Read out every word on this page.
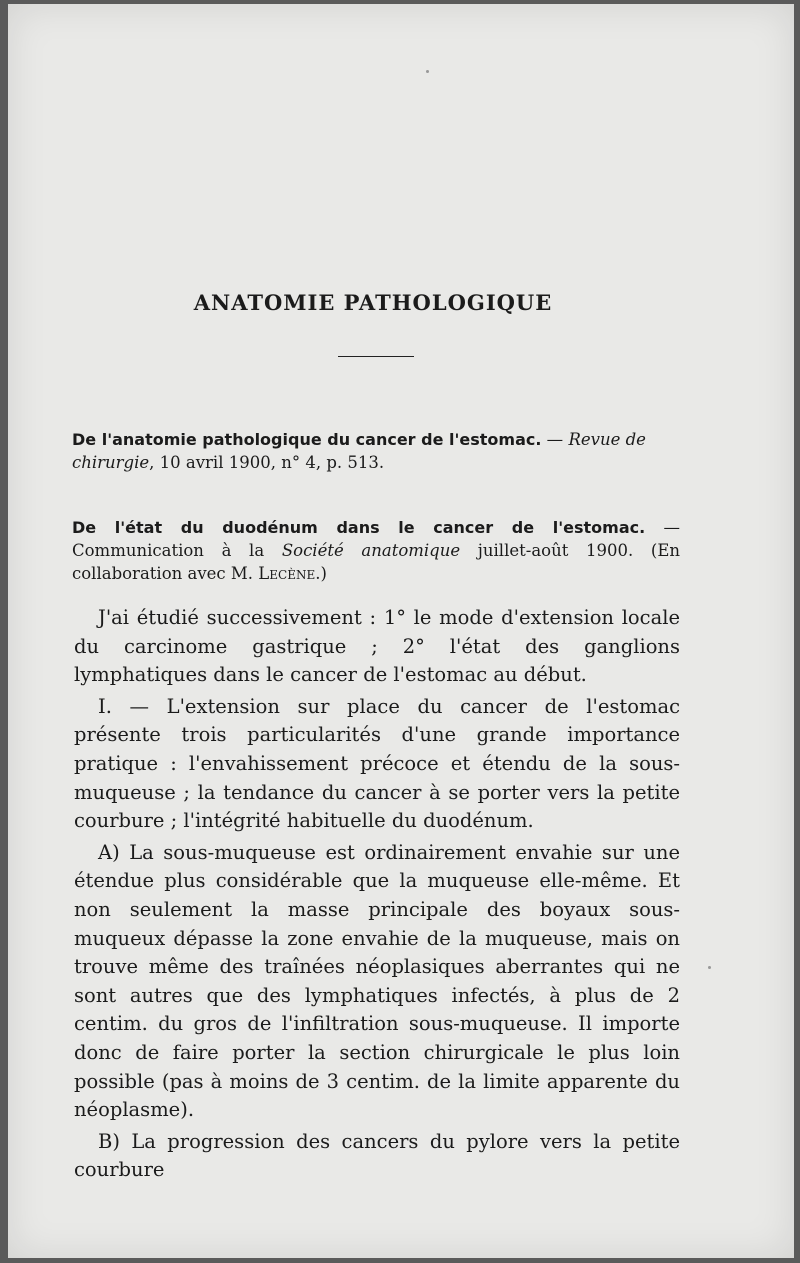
ANATOMIE PATHOLOGIQUE
De l'anatomie pathologique du cancer de l'estomac. — Revue de chirurgie, 10 avril 1900, n° 4, p. 513.
De l'état du duodénum dans le cancer de l'estomac. — Communication à la Société anatomique juillet-août 1900. (En collaboration avec M. Lecène.)

J'ai étudié successivement : 1° le mode d'extension locale du carcinome gastrique ; 2° l'état des ganglions lymphatiques dans le cancer de l'estomac au début.

I. — L'extension sur place du cancer de l'estomac présente trois particularités d'une grande importance pratique : l'envahissement précoce et étendu de la sous-muqueuse ; la tendance du cancer à se porter vers la petite courbure ; l'intégrité habituelle du duodénum.

A) La sous-muqueuse est ordinairement envahie sur une étendue plus considérable que la muqueuse elle-même. Et non seulement la masse principale des boyaux sous-muqueux dépasse la zone envahie de la muqueuse, mais on trouve même des traînées néoplasiques aberrantes qui ne sont autres que des lymphatiques infectés, à plus de 2 centim. du gros de l'infiltration sous-muqueuse. Il importe donc de faire porter la section chirurgicale le plus loin possible (pas à moins de 3 centim. de la limite apparente du néoplasme).

B) La progression des cancers du pylore vers la petite courbure
